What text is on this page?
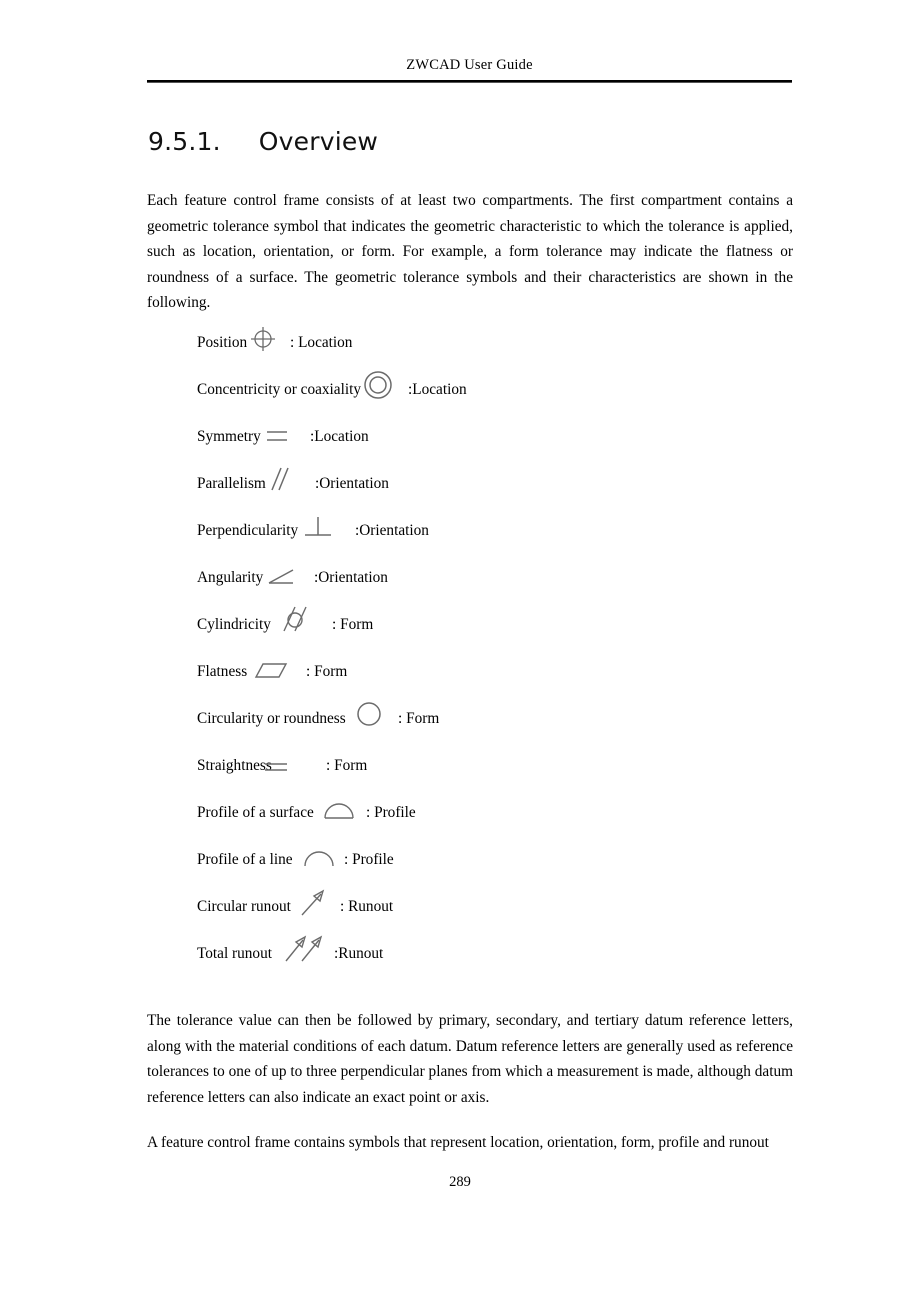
ZWCAD User Guide
9.5.1. Overview
Each feature control frame consists of at least two compartments. The first compartment contains a geometric tolerance symbol that indicates the geometric characteristic to which the tolerance is applied, such as location, orientation, or form. For example, a form tolerance may indicate the flatness or roundness of a surface. The geometric tolerance symbols and their characteristics are shown in the following.
Position	: Location
Concentricity or coaxiality	:Location
Symmetry	:Location
Parallelism	:Orientation
Perpendicularity	:Orientation
Angularity	:Orientation
Cylindricity	: Form
Flatness	: Form
Circularity or roundness	: Form
Straightness	: Form
Profile of a surface	: Profile
Profile of a line	: Profile
Circular runout	: Runout
Total runout	:Runout
The tolerance value can then be followed by primary, secondary, and tertiary datum reference letters, along with the material conditions of each datum. Datum reference letters are generally used as reference tolerances to one of up to three perpendicular planes from which a measurement is made, although datum reference letters can also indicate an exact point or axis.
A feature control frame contains symbols that represent location, orientation, form, profile and runout
289
